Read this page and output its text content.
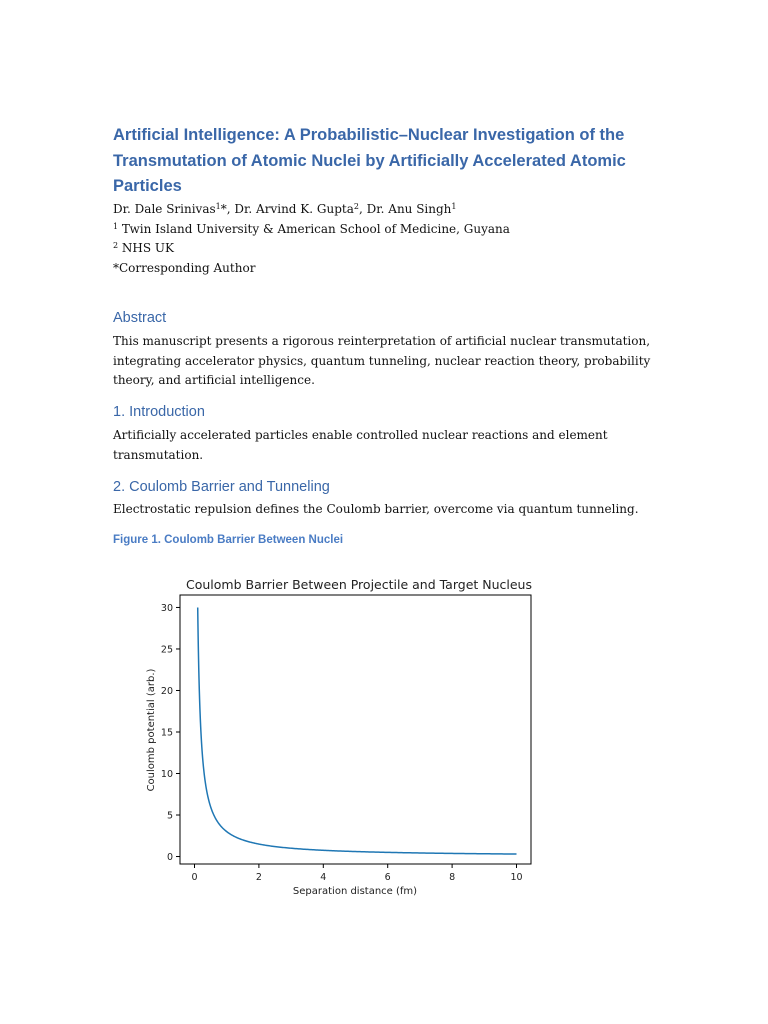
Artificial Intelligence: A Probabilistic–Nuclear Investigation of the
Transmutation of Atomic Nuclei by Artificially Accelerated Atomic
Particles
Dr. Dale Srinivas$^1$*, Dr. Arvind K. Gupta$^2$, Dr. Anu Singh$^1$
$^1$ Twin Island University & American School of Medicine, Guyana
$^2$ NHS UK
*Corresponding Author
Abstract
This manuscript presents a rigorous reinterpretation of artificial nuclear transmutation,
integrating accelerator physics, quantum tunneling, nuclear reaction theory, probability
theory, and artificial intelligence.
1. Introduction
Artificially accelerated particles enable controlled nuclear reactions and element
transmutation.
2. Coulomb Barrier and Tunneling
Electrostatic repulsion defines the Coulomb barrier, overcome via quantum tunneling.
Figure 1. Coulomb Barrier Between Nuclei
Coulomb Barrier Between Projectile and Target Nucleus
0	2	4	6	8	10
0
5
10
15
20
25
30
Separation distance (fm)
Coulomb potential (arb.)
